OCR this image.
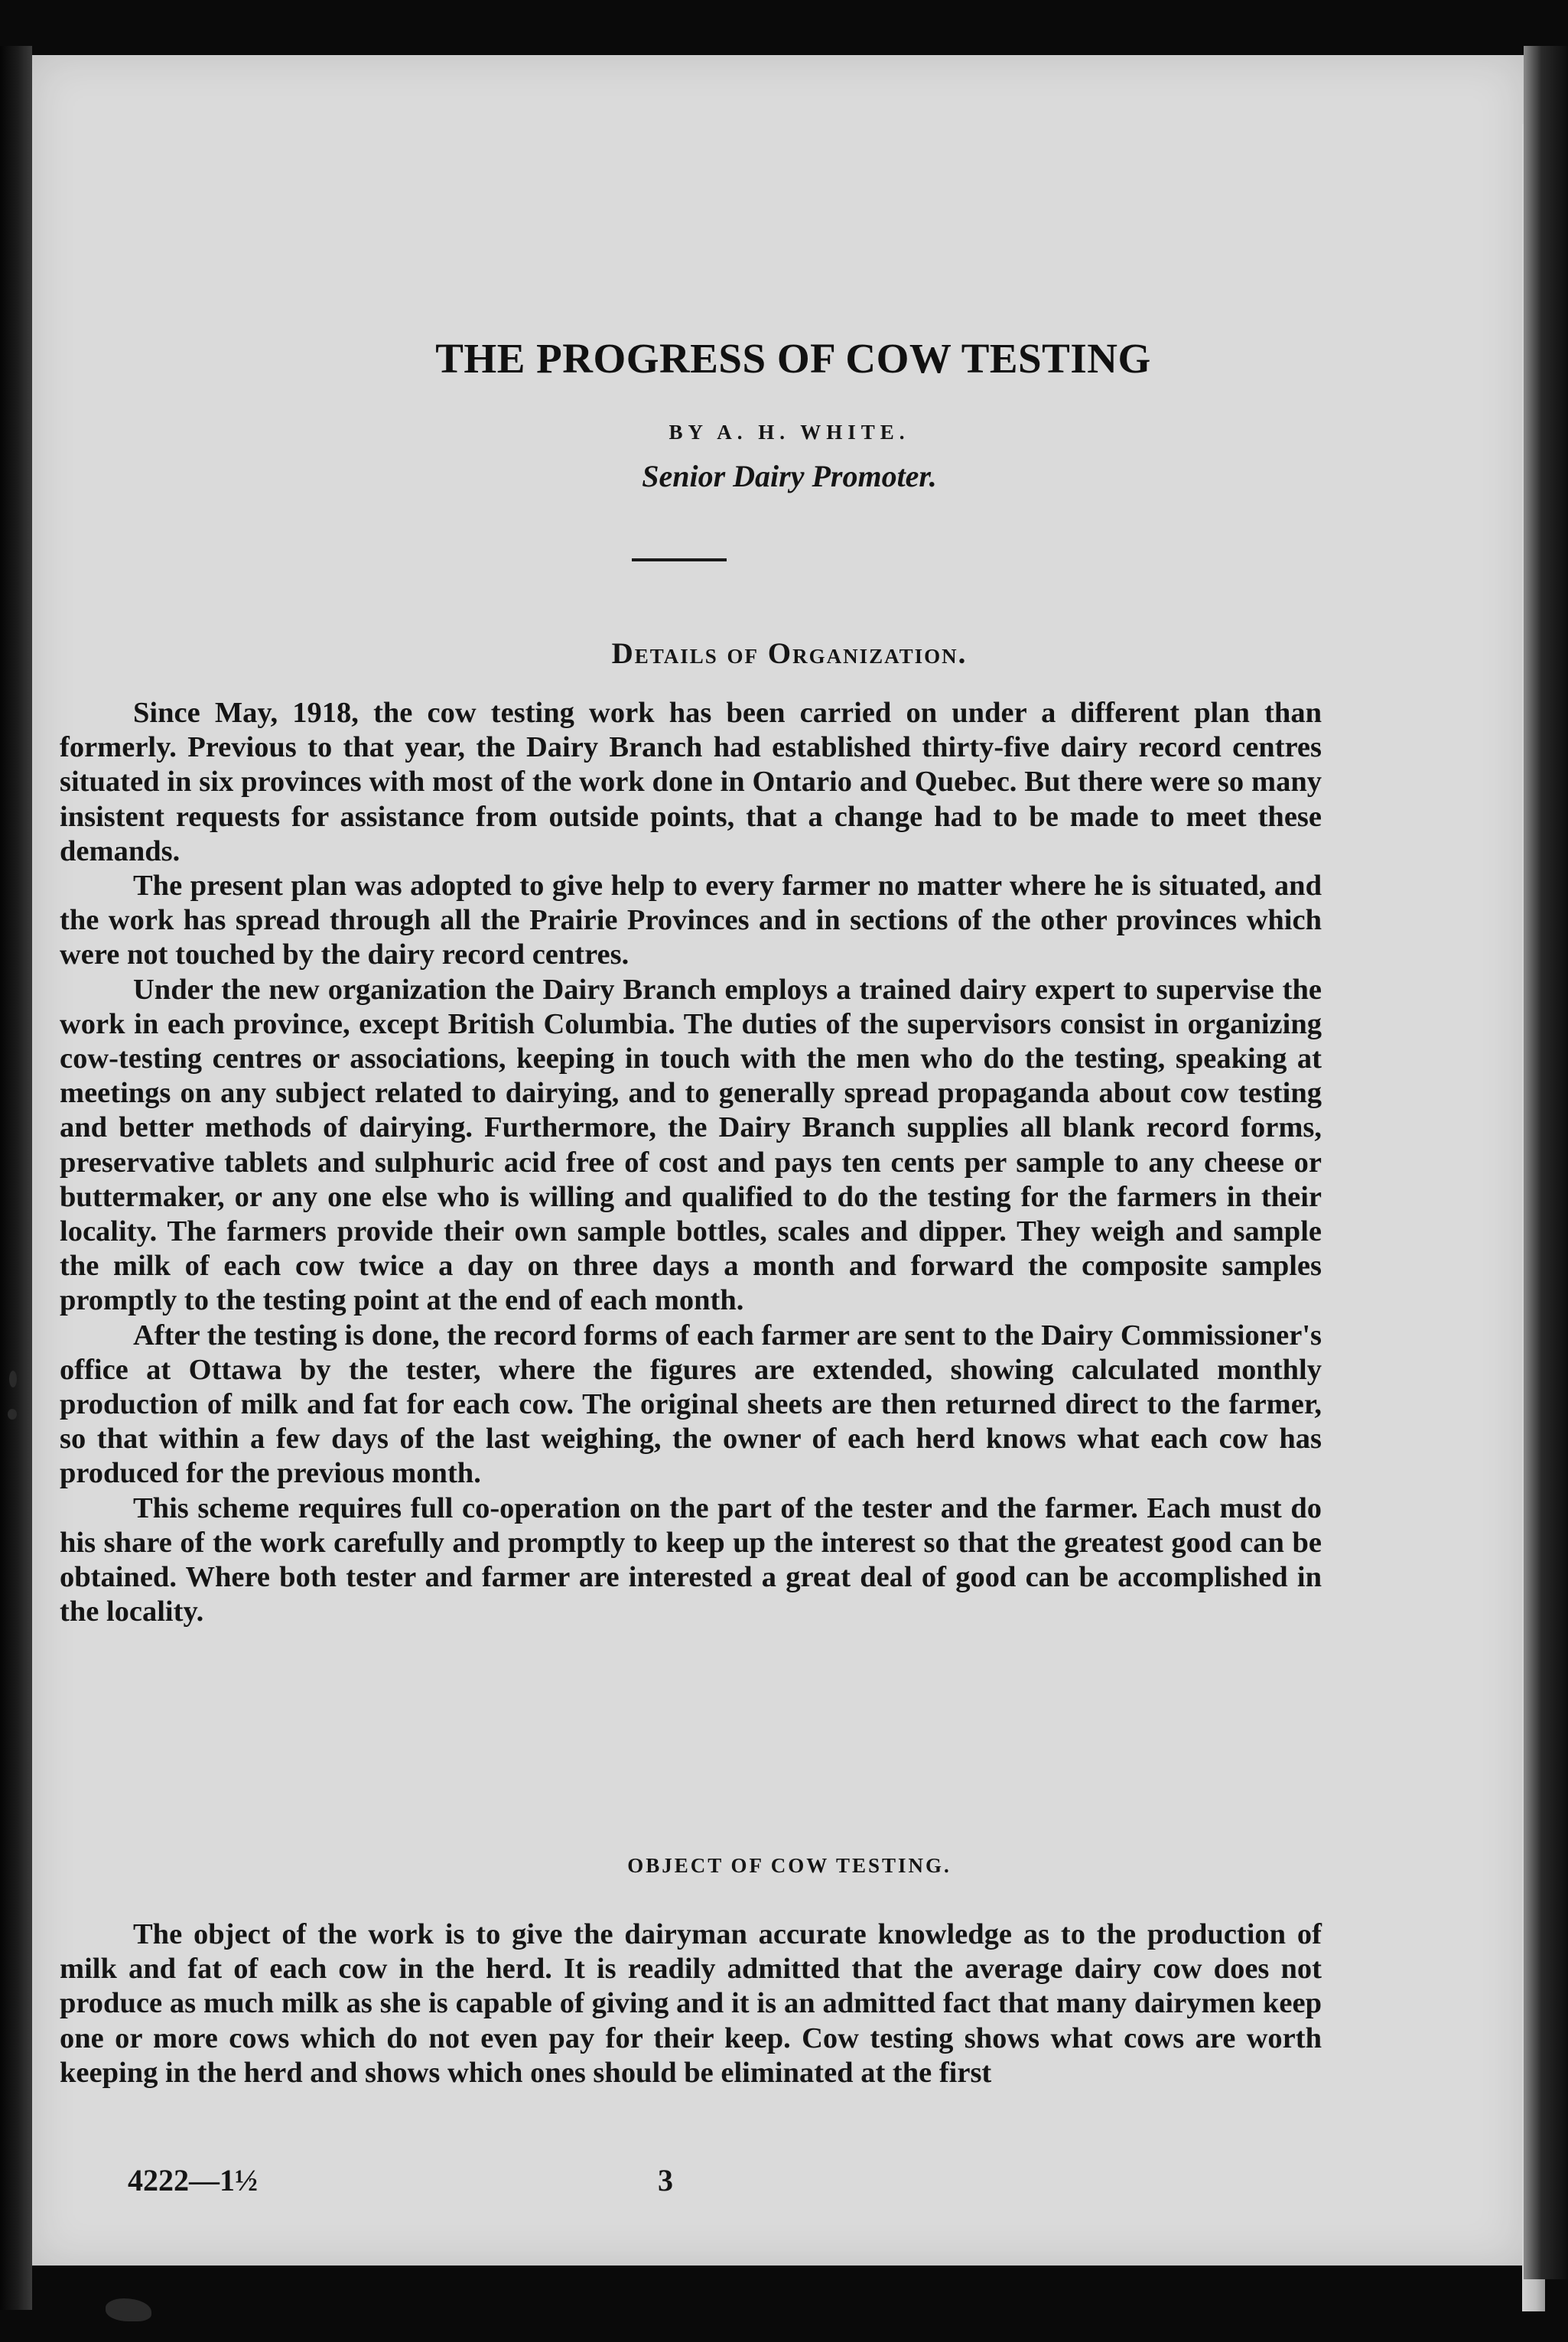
THE PROGRESS OF COW TESTING
BY A. H. WHITE.
Senior Dairy Promoter.
Details of Organization.

Since May, 1918, the cow testing work has been carried on under a different plan than formerly. Previous to that year, the Dairy Branch had established thirty-five dairy record centres situated in six provinces with most of the work done in Ontario and Quebec. But there were so many insistent requests for assistance from outside points, that a change had to be made to meet these demands.

The present plan was adopted to give help to every farmer no matter where he is situated, and the work has spread through all the Prairie Provinces and in sections of the other provinces which were not touched by the dairy record centres.

Under the new organization the Dairy Branch employs a trained dairy expert to supervise the work in each province, except British Columbia. The duties of the supervisors consist in organizing cow-testing centres or associations, keeping in touch with the men who do the testing, speaking at meetings on any subject related to dairying, and to generally spread propaganda about cow testing and better methods of dairying. Furthermore, the Dairy Branch supplies all blank record forms, preservative tablets and sulphuric acid free of cost and pays ten cents per sample to any cheese or buttermaker, or any one else who is willing and qualified to do the testing for the farmers in their locality. The farmers provide their own sample bottles, scales and dipper. They weigh and sample the milk of each cow twice a day on three days a month and forward the composite samples promptly to the testing point at the end of each month.

After the testing is done, the record forms of each farmer are sent to the Dairy Commissioner's office at Ottawa by the tester, where the figures are extended, showing calculated monthly production of milk and fat for each cow. The original sheets are then returned direct to the farmer, so that within a few days of the last weighing, the owner of each herd knows what each cow has produced for the previous month.

This scheme requires full co-operation on the part of the tester and the farmer. Each must do his share of the work carefully and promptly to keep up the interest so that the greatest good can be obtained. Where both tester and farmer are interested a great deal of good can be accomplished in the locality.

OBJECT OF COW TESTING.

The object of the work is to give the dairyman accurate knowledge as to the production of milk and fat of each cow in the herd. It is readily admitted that the average dairy cow does not produce as much milk as she is capable of giving and it is an admitted fact that many dairymen keep one or more cows which do not even pay for their keep. Cow testing shows what cows are worth keeping in the herd and shows which ones should be eliminated at the first

4222—1½	3
